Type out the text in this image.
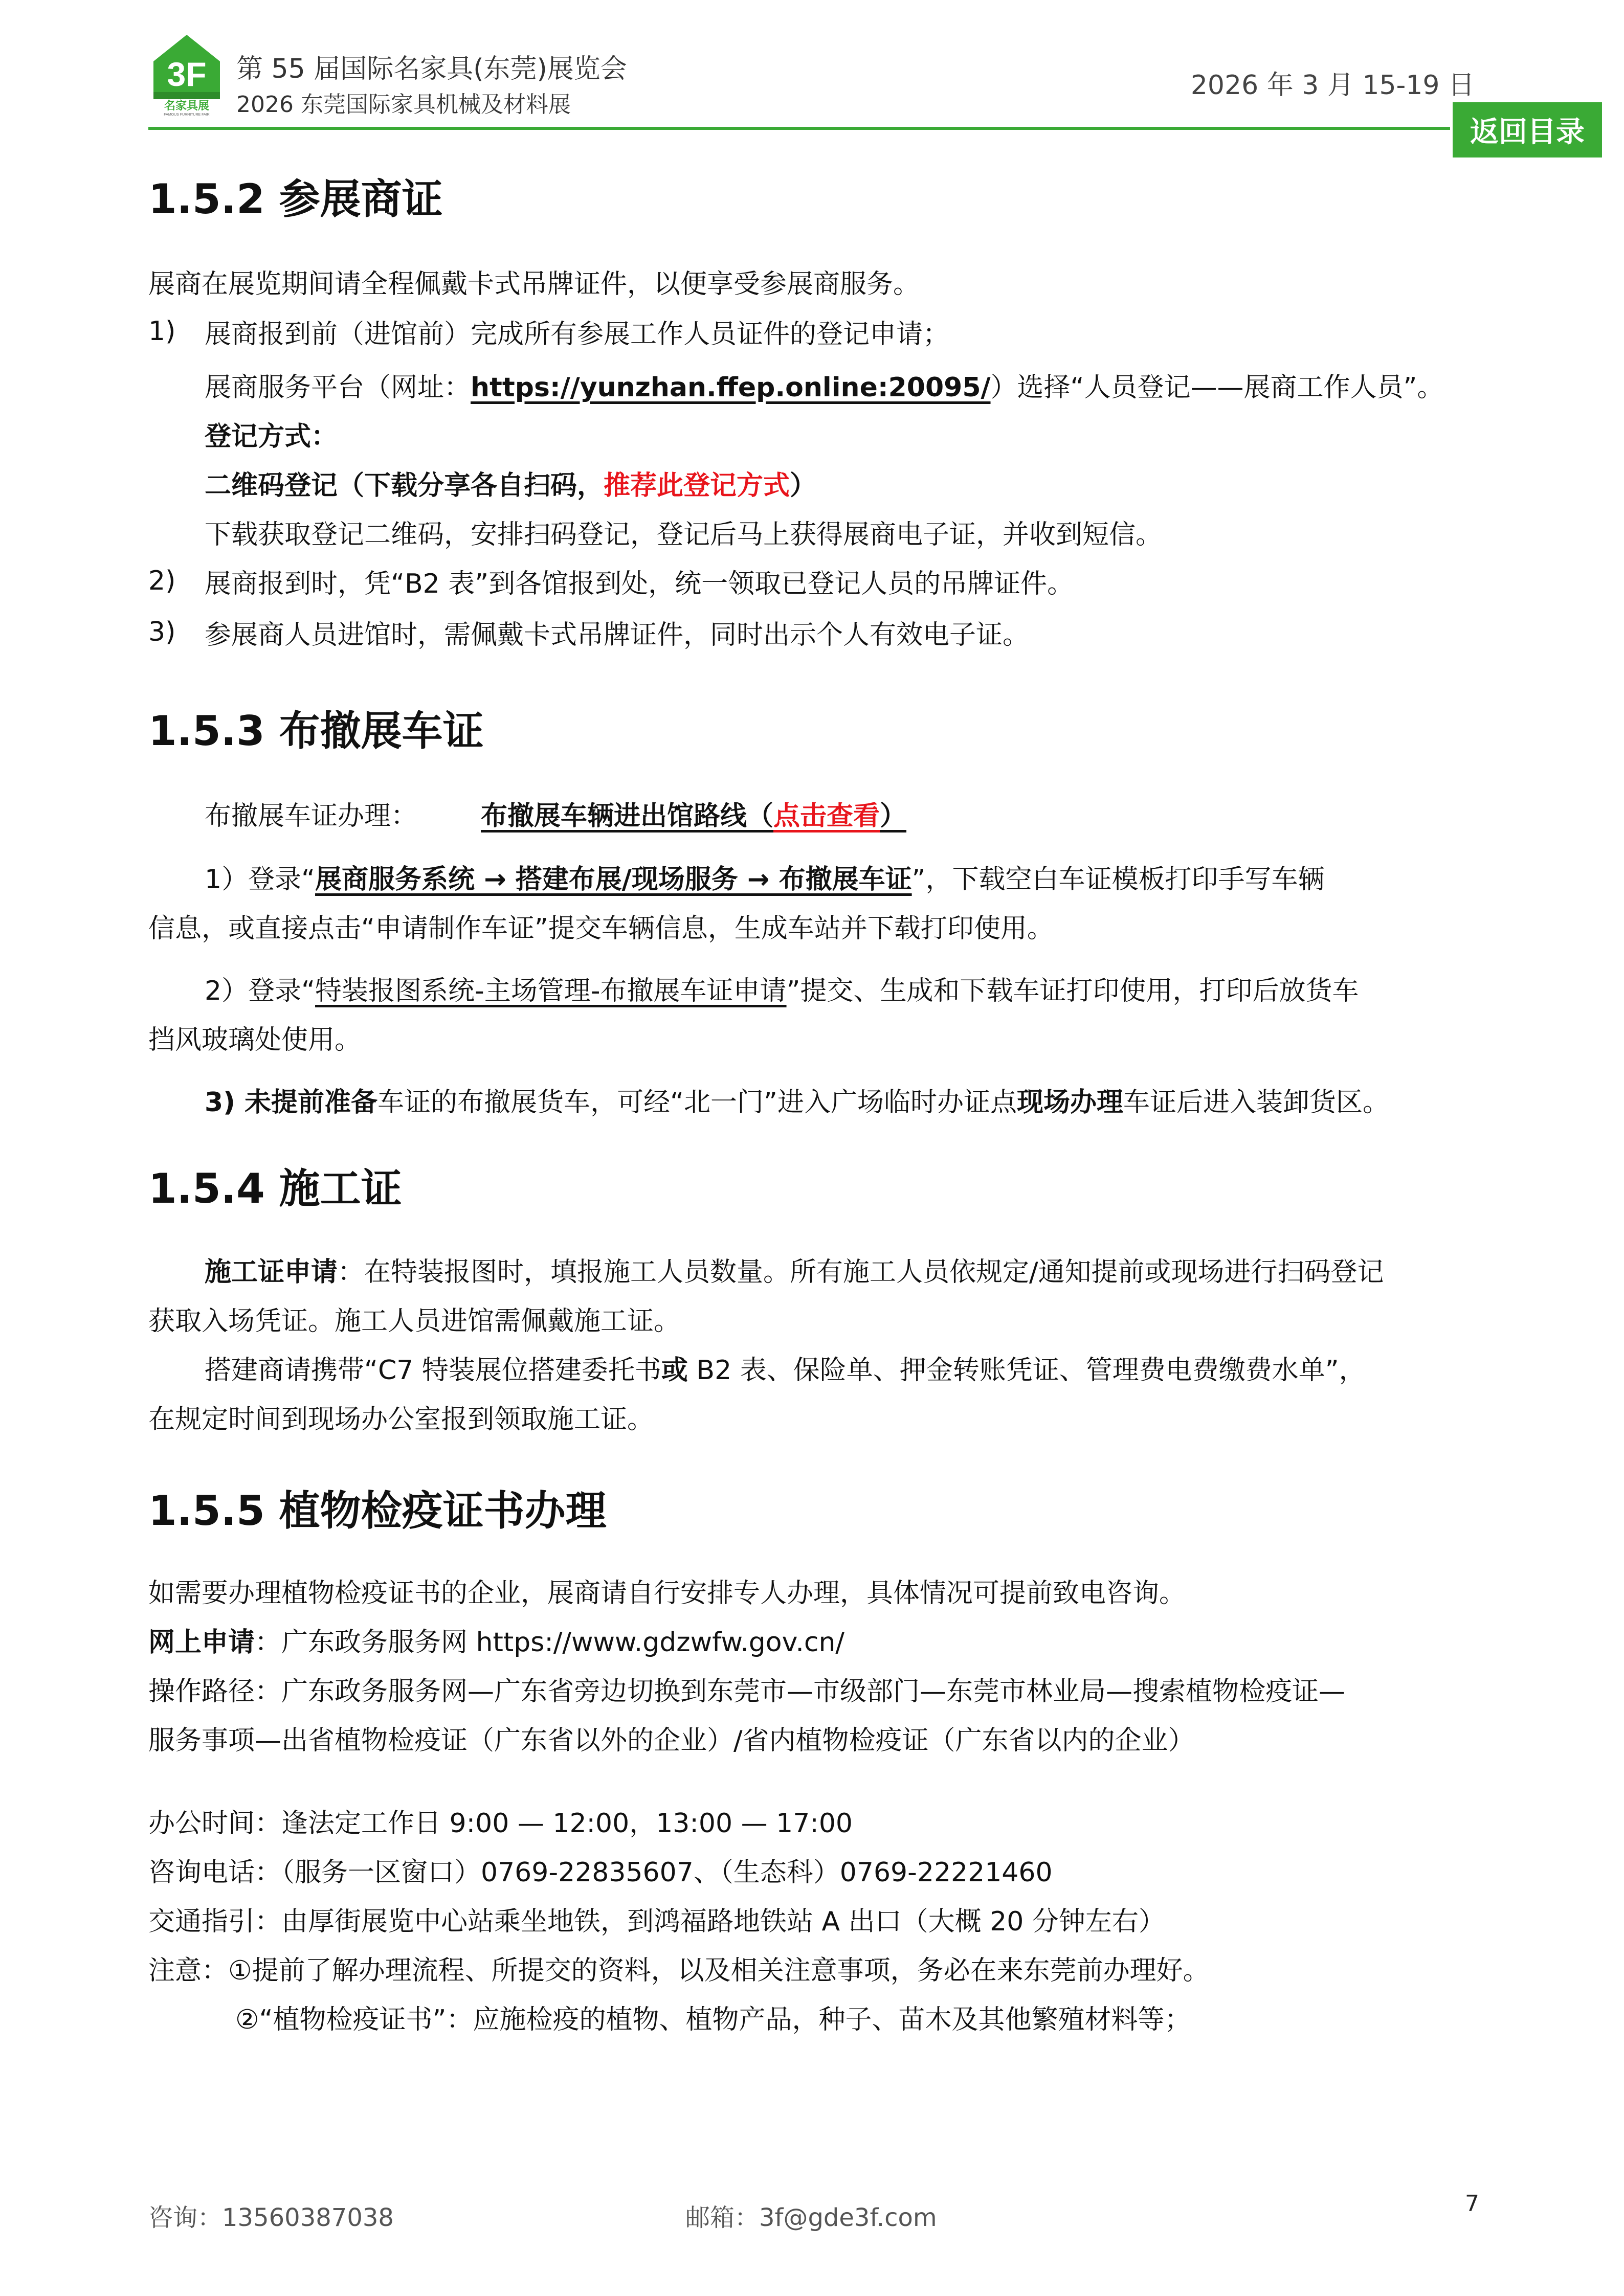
3F
名家具展
FAMOUS FURNITURE FAIR
第 55 届国际名家具(东莞)展览会
2026 东莞国际家具机械及材料展
2026 年 3 月 15-19 日
返回目录
1.5.2 参展商证
展商在展览期间请全程佩戴卡式吊牌证件，以便享受参展商服务。
1) 展商报到前（进馆前）完成所有参展工作人员证件的登记申请；
展商服务平台（网址：https://yunzhan.ffep.online:20095/）选择“人员登记——展商工作人员”。
登记方式：
二维码登记（下载分享各自扫码，推荐此登记方式）
下载获取登记二维码，安排扫码登记，登记后马上获得展商电子证，并收到短信。
2) 展商报到时，凭“B2 表”到各馆报到处，统一领取已登记人员的吊牌证件。
3) 参展商人员进馆时，需佩戴卡式吊牌证件，同时出示个人有效电子证。
1.5.3 布撤展车证
布撤展车证办理： 布撤展车辆进出馆路线（点击查看）
1）登录“展商服务系统 → 搭建布展/现场服务 → 布撤展车证”，下载空白车证模板打印手写车辆
信息，或直接点击“申请制作车证”提交车辆信息，生成车站并下载打印使用。
2）登录“特装报图系统-主场管理-布撤展车证申请”提交、生成和下载车证打印使用，打印后放货车
挡风玻璃处使用。
3) 未提前准备车证的布撤展货车，可经“北一门”进入广场临时办证点现场办理车证后进入装卸货区。
1.5.4 施工证
施工证申请：在特装报图时，填报施工人员数量。所有施工人员依规定/通知提前或现场进行扫码登记
获取入场凭证。施工人员进馆需佩戴施工证。
搭建商请携带“C7 特装展位搭建委托书或 B2 表、保险单、押金转账凭证、管理费电费缴费水单”，
在规定时间到现场办公室报到领取施工证。
1.5.5 植物检疫证书办理
如需要办理植物检疫证书的企业，展商请自行安排专人办理，具体情况可提前致电咨询。
网上申请：广东政务服务网 https://www.gdzwfw.gov.cn/
操作路径：广东政务服务网—广东省旁边切换到东莞市—市级部门—东莞市林业局—搜索植物检疫证—
服务事项—出省植物检疫证（广东省以外的企业）/省内植物检疫证（广东省以内的企业）
办公时间：逢法定工作日 9:00 — 12:00，13:00 — 17:00
咨询电话：（服务一区窗口）0769-22835607、（生态科）0769-22221460
交通指引：由厚街展览中心站乘坐地铁，到鸿福路地铁站 A 出口（大概 20 分钟左右）
注意：①提前了解办理流程、所提交的资料，以及相关注意事项，务必在来东莞前办理好。
②“植物检疫证书”：应施检疫的植物、植物产品，种子、苗木及其他繁殖材料等；
咨询：13560387038	邮箱：3f@gde3f.com	7
